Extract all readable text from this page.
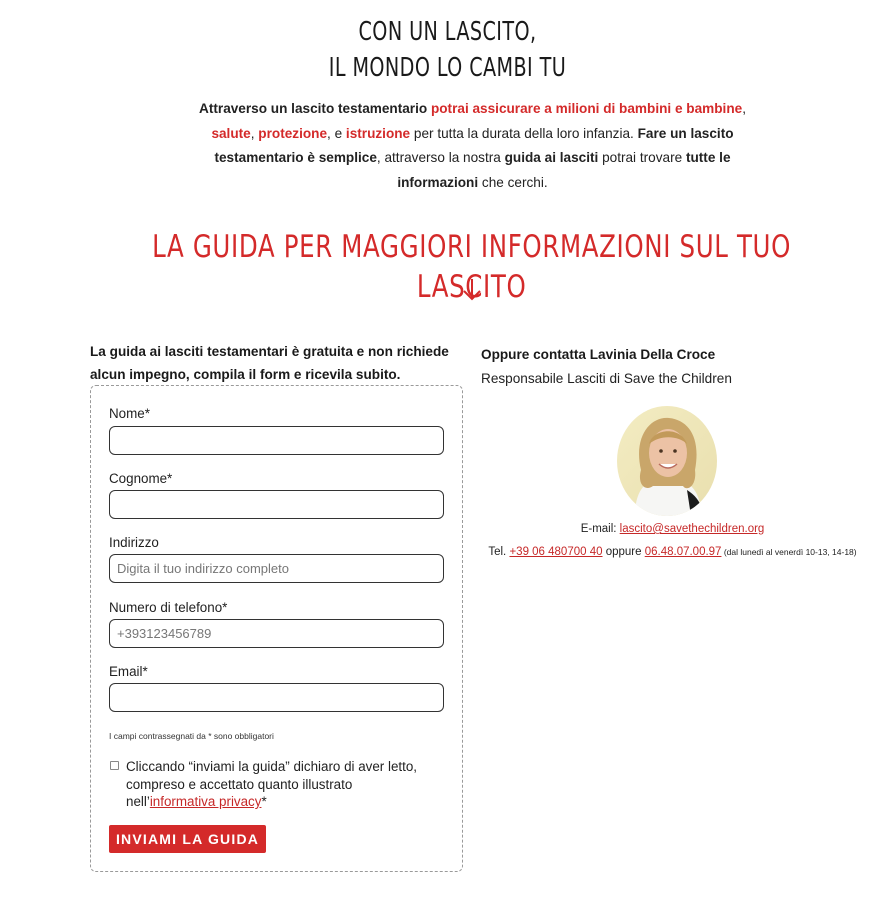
CON UN LASCITO,
IL MONDO LO CAMBI TU

Attraverso un lascito testamentario potrai assicurare a milioni di bambini e bambine, salute, protezione, e istruzione per tutta la durata della loro infanzia. Fare un lascito testamentario è semplice, attraverso la nostra guida ai lasciti potrai trovare tutte le informazioni che cerchi.

LA GUIDA PER MAGGIORI INFORMAZIONI SUL TUO LASCITO

La guida ai lasciti testamentari è gratuita e non richiede alcun impegno, compila il form e ricevila subito.

Nome*
Cognome*
Indirizzo
Digita il tuo indirizzo completo
Numero di telefono*
+393123456789
Email*
I campi contrassegnati da * sono obbligatori

Cliccando “inviami la guida” dichiaro di aver letto, compreso e accettato quanto illustrato nell’informativa privacy*

INVIAMI LA GUIDA
Oppure contatta Lavinia Della Croce
Responsabile Lasciti di Save the Children
E-mail: lascito@savethechildren.org
Tel. +39 06 480700 40 oppure 06.48.07.00.97 (dal lunedì al venerdì 10-13, 14-18)
